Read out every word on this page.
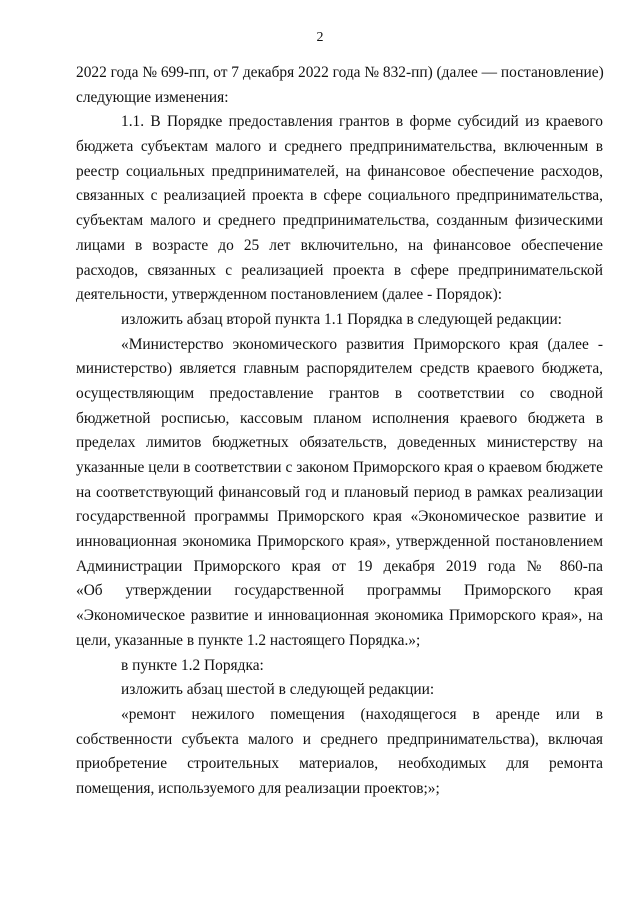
2
2022 года № 699-пп, от 7 декабря 2022 года № 832-пп) (далее — постановление)
следующие изменения:
1.1. В Порядке предоставления грантов в форме субсидий из краевого
бюджета субъектам малого и среднего предпринимательства, включенным в
реестр социальных предпринимателей, на финансовое обеспечение расходов,
связанных с реализацией проекта в сфере социального предпринимательства,
субъектам малого и среднего предпринимательства, созданным физическими
лицами в возрасте до 25 лет включительно, на финансовое обеспечение
расходов, связанных с реализацией проекта в сфере предпринимательской
деятельности, утвержденном постановлением (далее - Порядок):
изложить абзац второй пункта 1.1 Порядка в следующей редакции:
«Министерство экономического развития Приморского края (далее -
министерство) является главным распорядителем средств краевого бюджета,
осуществляющим предоставление грантов в соответствии со сводной
бюджетной росписью, кассовым планом исполнения краевого бюджета в
пределах лимитов бюджетных обязательств, доведенных министерству на
указанные цели в соответствии с законом Приморского края о краевом бюджете
на соответствующий финансовый год и плановый период в рамках реализации
государственной программы Приморского края «Экономическое развитие и
инновационная экономика Приморского края», утвержденной постановлением
Администрации Приморского края от 19 декабря 2019 года № 860-па
«Об утверждении государственной программы Приморского края
«Экономическое развитие и инновационная экономика Приморского края», на
цели, указанные в пункте 1.2 настоящего Порядка.»;
в пункте 1.2 Порядка:
изложить абзац шестой в следующей редакции:
«ремонт нежилого помещения (находящегося в аренде или в
собственности субъекта малого и среднего предпринимательства), включая
приобретение строительных материалов, необходимых для ремонта
помещения, используемого для реализации проектов;»;
